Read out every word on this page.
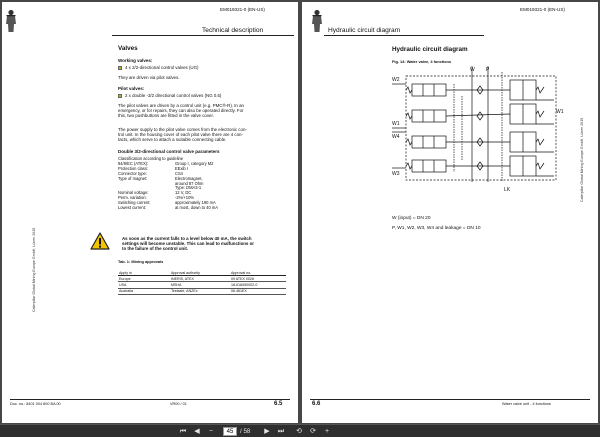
EM019321-0 (EN-US)
Technical description
Caterpillar Global Mining Europe GmbH, Lünen 2015
Valves
Working valves:
4 x 2/2-directional control valves (UG)
They are driven via pilot valves.
Pilot valves:
2 x double -3/2 directional control valves (NG 0.5)
The pilot valves are driven by a control unit (e.g. PMC®-R). In an
emergency, or for repairs, they can also be operated directly. For
this, two pushbuttons are fitted in the valve cover.
The power supply to the pilot valve comes from the electronic con-
trol unit. In the housing cover of each pilot valve there are 4 con-
tacts, which serve to attach a suitable connecting cable.
Double 3/2-directional control valve parameters
Classification according to guideline
94/9/EC (ATEX):	Group I, category M2
Protection class:	EExib I
Connector type:	CS4
Type of magnet:	Electromagnet,
around 87 Ohm
Type: DMA3-1
Nominal voltage:	12 V, DC
Perm. variation:	-2%/+10%
Switching current:	approximately 190 mA
Lowest current:	at most, down to 40 mA
As soon as the current falls to a level below 40 mA, the switch
settings will become unstable. This can lead to malfunctions or
to the failure of the control unit.
Tab. 1: Mining approvals
Apply in	Approval authority	Approval no.
Europe	INERIS, ATEX	09 ATEX 0028
USA	MSHA	18-IDA050002-0
Australia	Testsafe, ANZEx	06.461EX
Doc. no.: 8401 004 800 BA 00	VR00 / 01	6.5
EM019321-0 (EN-US)
Hydraulic circuit diagram
Caterpillar Global Mining Europe GmbH, Lünen 2015
Hydraulic circuit diagram
Fig. 14: Water valve, 4 functions
W P
W2
W1
W1
W4
W3
LK
W (input) = DN 20
P, W1, W2, W3, W4 and leakage = DN 10
6.6	Water valve unit - 4 functions
⏮	◀	−	45	/ 58	▶	⏭ ⟲ ⟳	+
